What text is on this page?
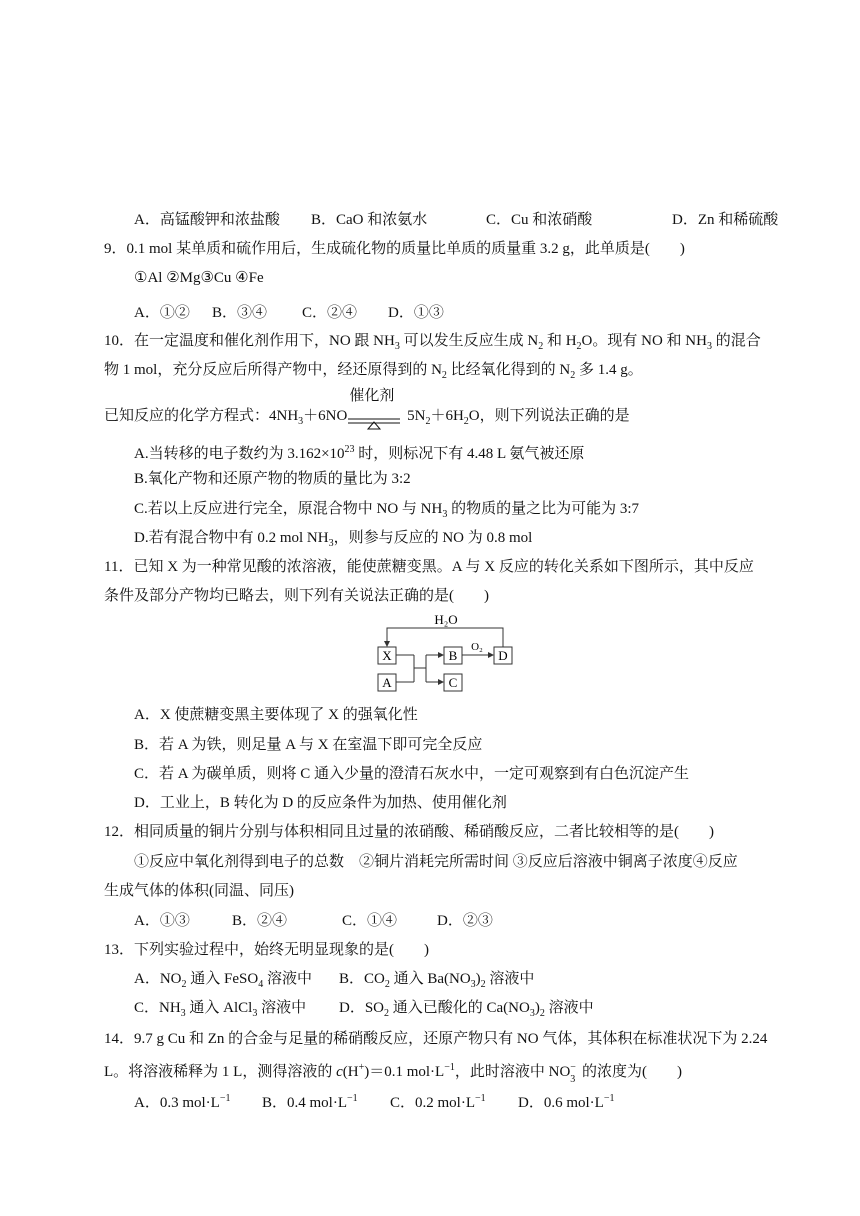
A．高锰酸钾和浓盐酸 B．CaO 和浓氨水	C．Cu 和浓硝酸	D．Zn 和稀硫酸
9．0.1 mol 某单质和硫作用后，生成硫化物的质量比单质的质量重 3.2 g，此单质是(　　)
①Al ②Mg③Cu ④Fe
A．①② B．③④ C．②④ D．①③
10．在一定温度和催化剂作用下，NO 跟 $NH_3$ 可以发生反应生成 $N_2$ 和 $H_2O$。现有 NO 和 $NH_3$ 的混合
物 1 mol，充分反应后所得产物中，经还原得到的 $N_2$ 比经氧化得到的 $N_2$ 多 1.4 g。
已知反应的化学方程式：$4NH_3+6NO$
催化剂
$5N_2+6H_2O$，则下列说法正确的是
A.当转移的电子数约为 $3.162\times 10^{23}$ 时，则标况下有 4.48 L 氨气被还原
B.氧化产物和还原产物的物质的量比为 3:2
C.若以上反应进行完全，原混合物中 NO 与 $NH_3$ 的物质的量之比为可能为 3:7
D.若有混合物中有 0.2 mol $NH_3$，则参与反应的 NO 为 0.8 mol
11．已知 X 为一种常见酸的浓溶液，能使蔗糖变黑。A 与 X 反应的转化关系如下图所示，其中反应
条件及部分产物均已略去，则下列有关说法正确的是(　　)
X
A
B
C
D
O₂
H₂O
A．X 使蔗糖变黑主要体现了 X 的强氧化性
B．若 A 为铁，则足量 A 与 X 在室温下即可完全反应
C．若 A 为碳单质，则将 C 通入少量的澄清石灰水中，一定可观察到有白色沉淀产生
D．工业上，B 转化为 D 的反应条件为加热、使用催化剂
12．相同质量的铜片分别与体积相同且过量的浓硝酸、稀硝酸反应，二者比较相等的是(　　)
①反应中氧化剂得到电子的总数　②铜片消耗完所需时间 ③反应后溶液中铜离子浓度④反应
生成气体的体积(同温、同压)
A．①③	B．②④	C．①④	D．②③
13．下列实验过程中，始终无明显现象的是(　　)
A．$NO_2$ 通入 FeSO$_4$ 溶液中 B．$CO_2$ 通入 $Ba(NO_3)_2$ 溶液中
C．$NH_3$ 通入 AlCl$_3$ 溶液中 D．$SO_2$ 通入已酸化的 $Ca(NO_3)_2$ 溶液中
14．9.7 g Cu 和 Zn 的合金与足量的稀硝酸反应，还原产物只有 NO 气体，其体积在标准状况下为 2.24
L。将溶液稀释为 1 L，测得溶液的 c(H+)＝0.1 $mol\cdot L^{-1}$，此时溶液中 NO −
3 的浓度为(　　)
A．0.3 $mol\cdot L^{-1}$ B．0.4 $mol\cdot L^{-1}$ C．0.2 $mol\cdot L^{-1}$ D．0.6 $mol\cdot L^{-1}$
